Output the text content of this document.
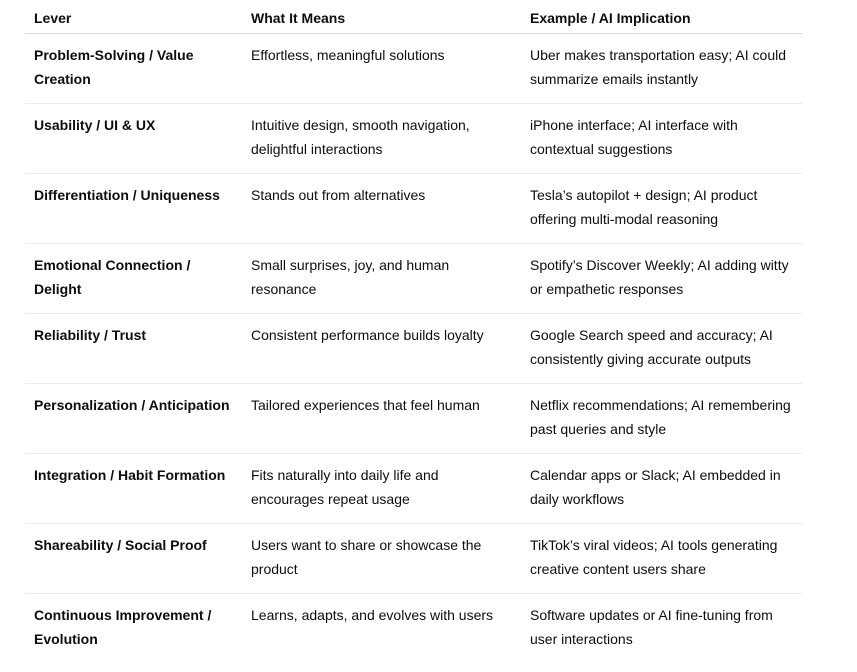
Lever	What It Means	Example / AI Implication
Problem-Solving / Value Creation	Effortless, meaningful solutions	Uber makes transportation easy; AI could summarize emails instantly
Usability / UI & UX	Intuitive design, smooth navigation, delightful interactions	iPhone interface; AI interface with contextual suggestions
Differentiation / Uniqueness	Stands out from alternatives	Tesla’s autopilot + design; AI product offering multi-modal reasoning
Emotional Connection / Delight	Small surprises, joy, and human resonance	Spotify’s Discover Weekly; AI adding witty or empathetic responses
Reliability / Trust	Consistent performance builds loyalty	Google Search speed and accuracy; AI consistently giving accurate outputs
Personalization / Anticipation	Tailored experiences that feel human	Netflix recommendations; AI remembering past queries and style
Integration / Habit Formation	Fits naturally into daily life and encourages repeat usage	Calendar apps or Slack; AI embedded in daily workflows
Shareability / Social Proof	Users want to share or showcase the product	TikTok’s viral videos; AI tools generating creative content users share
Continuous Improvement / Evolution	Learns, adapts, and evolves with users	Software updates or AI fine-tuning from user interactions
